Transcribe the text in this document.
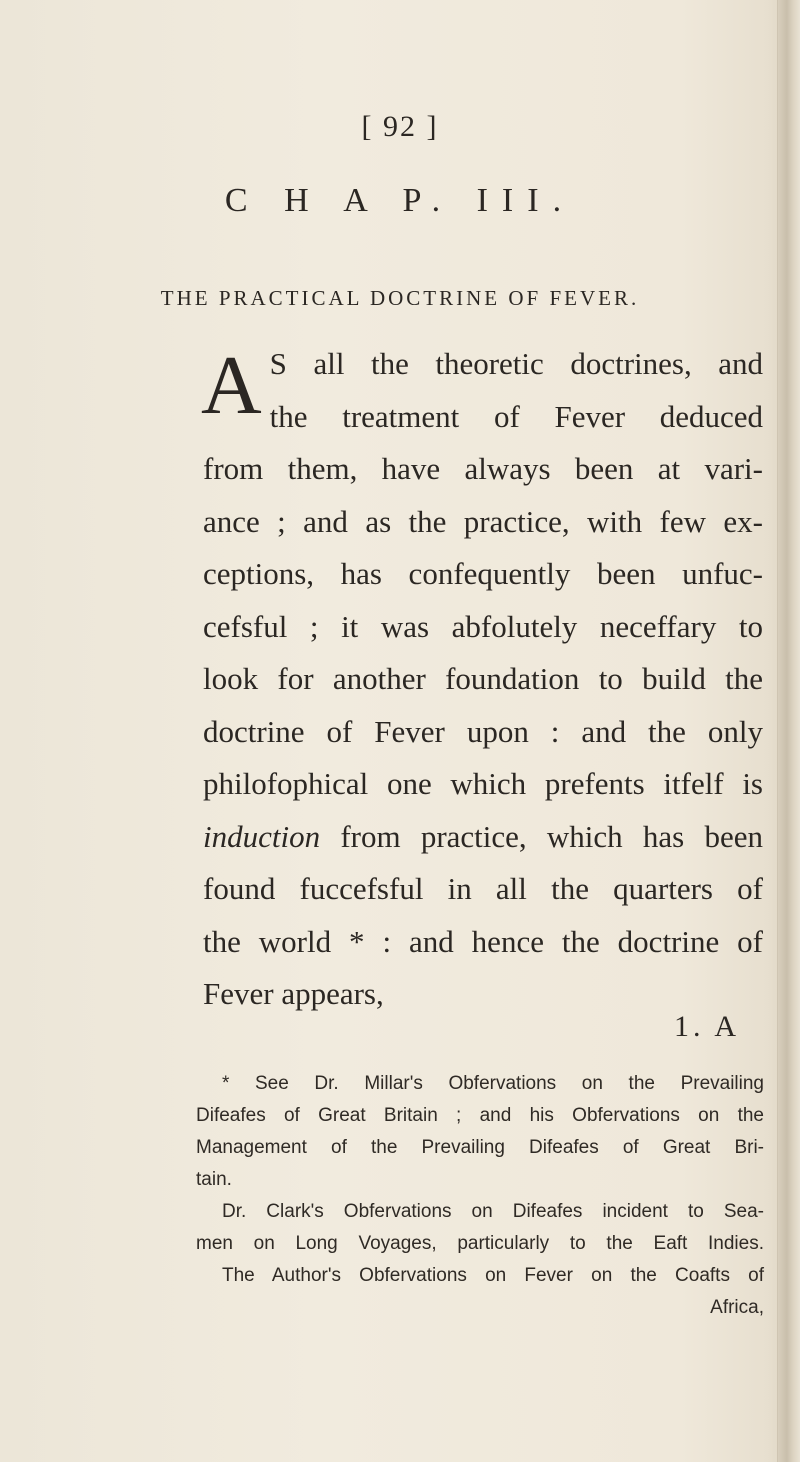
[ 92 ]
C H A P. III.
THE PRACTICAL DOCTRINE OF FEVER.
A S all the theoretic doctrines, and
the treatment of Fever deduced
from them, have always been at vari-
ance ; and as the practice, with few ex-
ceptions, has confequently been unfuc-
cefsful ; it was abfolutely neceffary to
look for another foundation to build the
doctrine of Fever upon : and the only
philofophical one which prefents itfelf is
induction from practice, which has been
found fuccefsful in all the quarters of
the world * : and hence the doctrine of
Fever appears,
1. A
* See Dr. Millar's Obfervations on the Prevailing
Difeafes of Great Britain ; and his Obfervations on the
Management of the Prevailing Difeafes of Great Bri-
tain.
Dr. Clark's Obfervations on Difeafes incident to Sea-
men on Long Voyages, particularly to the Eaft Indies.
The Author's Obfervations on Fever on the Coafts of
Africa,
